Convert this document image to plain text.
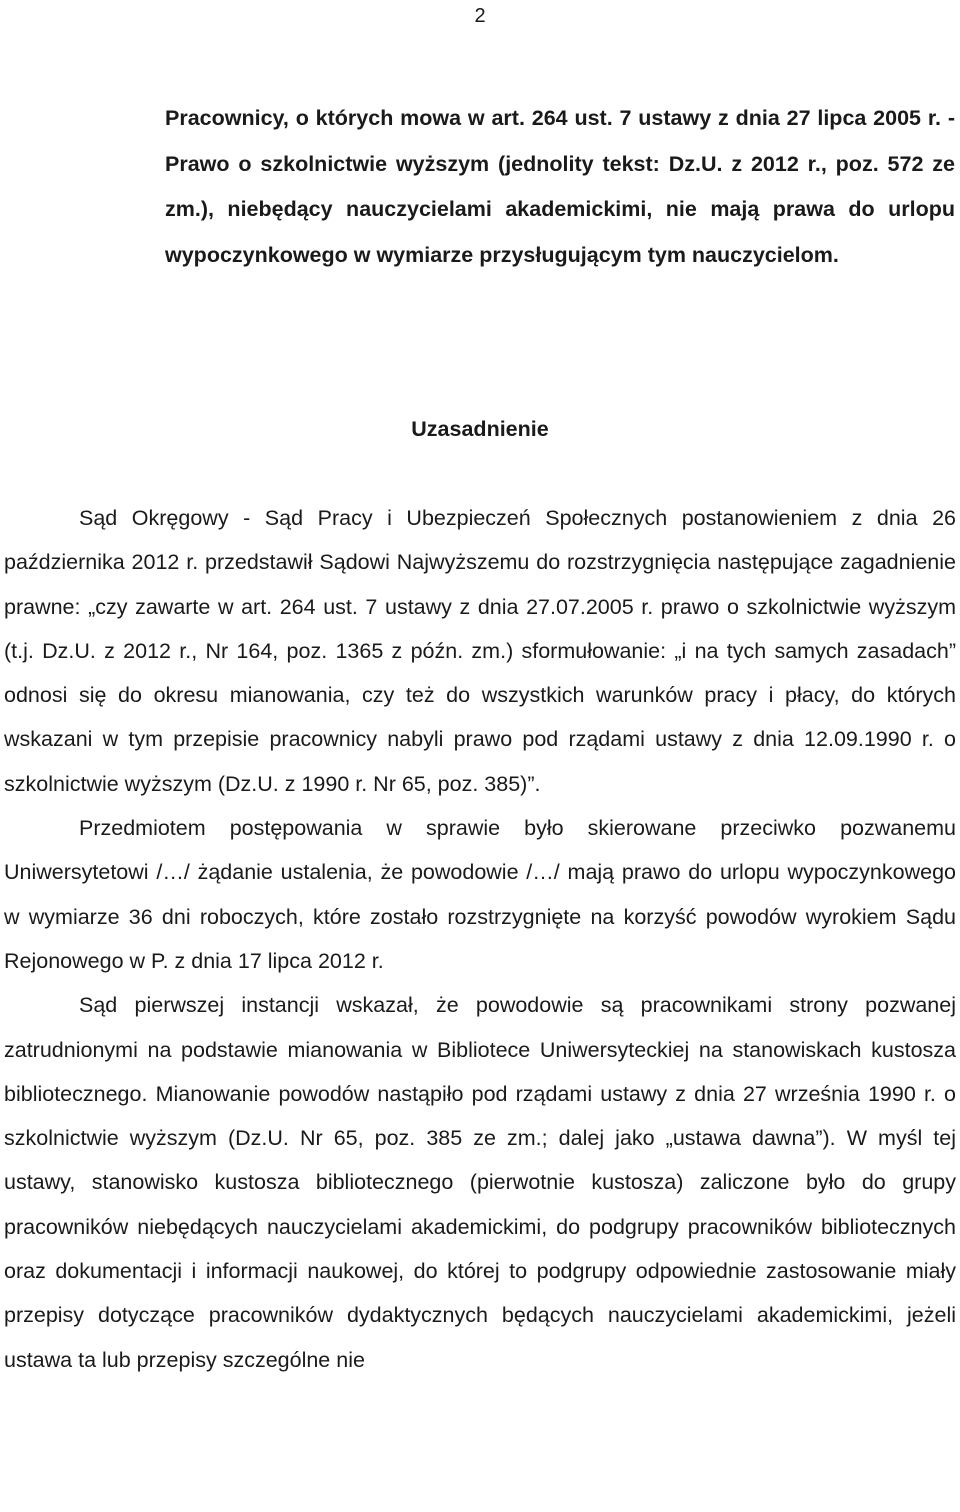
2
Pracownicy, o których mowa w art. 264 ust. 7 ustawy z dnia 27 lipca 2005 r. - Prawo o szkolnictwie wyższym (jednolity tekst: Dz.U. z 2012 r., poz. 572 ze zm.), niebędący nauczycielami akademickimi, nie mają prawa do urlopu wypoczynkowego w wymiarze przysługującym tym nauczycielom.
Uzasadnienie

Sąd Okręgowy - Sąd Pracy i Ubezpieczeń Społecznych postanowieniem z dnia 26 października 2012 r. przedstawił Sądowi Najwyższemu do rozstrzygnięcia następujące zagadnienie prawne: „czy zawarte w art. 264 ust. 7 ustawy z dnia 27.07.2005 r. prawo o szkolnictwie wyższym (t.j. Dz.U. z 2012 r., Nr 164, poz. 1365 z późn. zm.) sformułowanie: „i na tych samych zasadach” odnosi się do okresu mianowania, czy też do wszystkich warunków pracy i płacy, do których wskazani w tym przepisie pracownicy nabyli prawo pod rządami ustawy z dnia 12.09.1990 r. o szkolnictwie wyższym (Dz.U. z 1990 r. Nr 65, poz. 385)”.

Przedmiotem postępowania w sprawie było skierowane przeciwko pozwanemu Uniwersytetowi /…/ żądanie ustalenia, że powodowie /…/ mają prawo do urlopu wypoczynkowego w wymiarze 36 dni roboczych, które zostało rozstrzygnięte na korzyść powodów wyrokiem Sądu Rejonowego w P. z dnia 17 lipca 2012 r.

Sąd pierwszej instancji wskazał, że powodowie są pracownikami strony pozwanej zatrudnionymi na podstawie mianowania w Bibliotece Uniwersyteckiej na stanowiskach kustosza bibliotecznego. Mianowanie powodów nastąpiło pod rządami ustawy z dnia 27 września 1990 r. o szkolnictwie wyższym (Dz.U. Nr 65, poz. 385 ze zm.; dalej jako „ustawa dawna”). W myśl tej ustawy, stanowisko kustosza bibliotecznego (pierwotnie kustosza) zaliczone było do grupy pracowników niebędących nauczycielami akademickimi, do podgrupy pracowników bibliotecznych oraz dokumentacji i informacji naukowej, do której to podgrupy odpowiednie zastosowanie miały przepisy dotyczące pracowników dydaktycznych będących nauczycielami akademickimi, jeżeli ustawa ta lub przepisy szczególne nie
